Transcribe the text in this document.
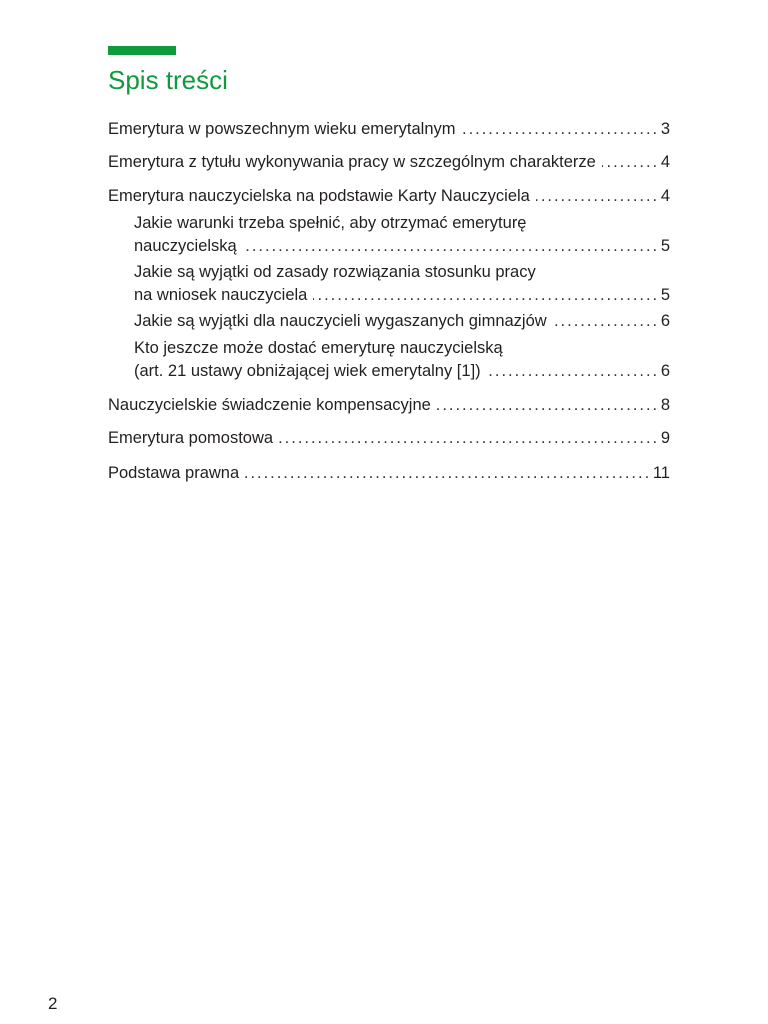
Spis treści
Emerytura w powszechnym wieku emerytalnym . . .	3
Emerytura z tytułu wykonywania pracy w szczególnym charakterze . . .	4
Emerytura nauczycielska na podstawie Karty Nauczyciela . . .	4
Jakie warunki trzeba spełnić, aby otrzymać emeryturę
nauczycielską . . .	5
Jakie są wyjątki od zasady rozwiązania stosunku pracy
na wniosek nauczyciela . . .	5
Jakie są wyjątki dla nauczycieli wygaszanych gimnazjów . . .	6
Kto jeszcze może dostać emeryturę nauczycielską
(art. 21 ustawy obniżającej wiek emerytalny [1]) . . .	6
Nauczycielskie świadczenie kompensacyjne . . .	8
Emerytura pomostowa . . .	9
Podstawa prawna . . .	11
2
